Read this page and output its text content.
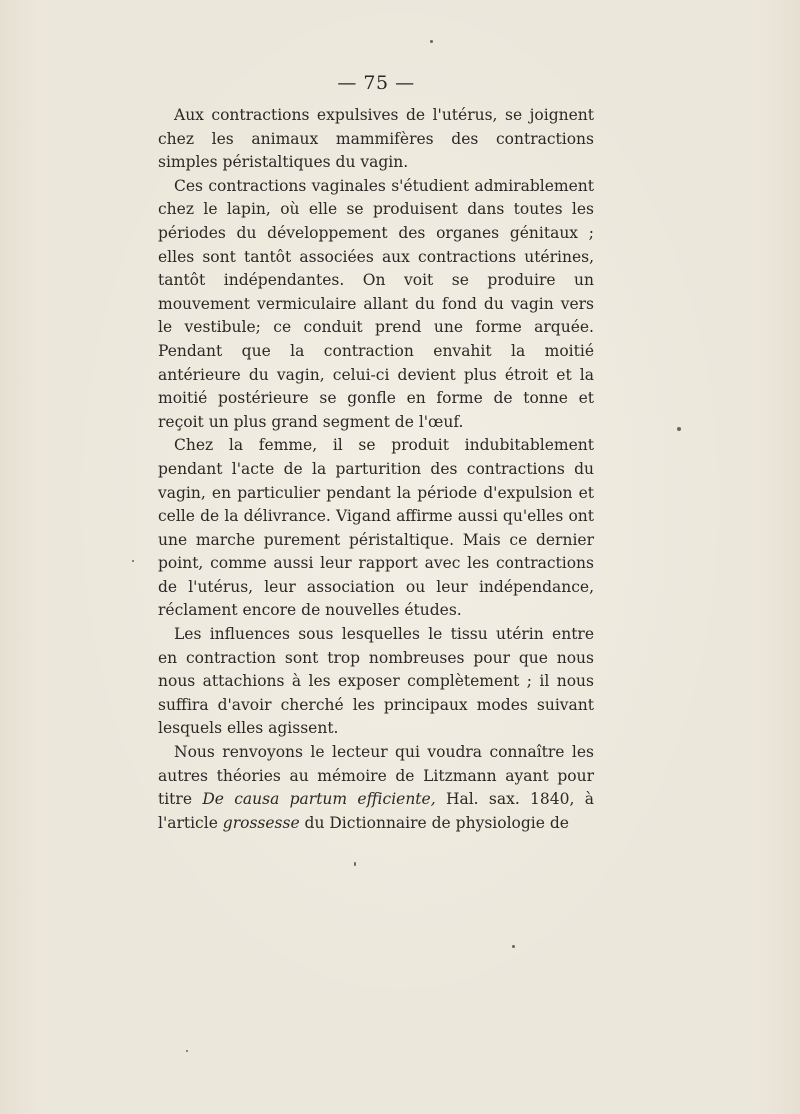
— 75 —

Aux contractions expulsives de l'utérus, se joignent chez les animaux mammifères des contractions simples péristaltiques du vagin.

Ces contractions vaginales s'étudient admirablement chez le lapin, où elle se produisent dans toutes les périodes du développement des organes génitaux ; elles sont tantôt associées aux contractions utérines, tantôt indépendantes. On voit se produire un mouvement vermiculaire allant du fond du vagin vers le vestibule; ce conduit prend une forme arquée. Pendant que la contraction envahit la moitié antérieure du vagin, celui-ci devient plus étroit et la moitié postérieure se gonfle en forme de tonne et reçoit un plus grand segment de l'œuf.

Chez la femme, il se produit indubitablement pendant l'acte de la parturition des contractions du vagin, en particulier pendant la période d'expulsion et celle de la délivrance. Vigand affirme aussi qu'elles ont une marche purement péristaltique. Mais ce dernier point, comme aussi leur rapport avec les contractions de l'utérus, leur association ou leur indépendance, réclament encore de nouvelles études.

Les influences sous lesquelles le tissu utérin entre en contraction sont trop nombreuses pour que nous nous attachions à les exposer complètement ; il nous suffira d'avoir cherché les principaux modes suivant lesquels elles agissent.

Nous renvoyons le lecteur qui voudra connaître les autres théories au mémoire de Litzmann ayant pour titre De causa partum efficiente, Hal. sax. 1840, à l'article grossesse du Dictionnaire de physiologie de
